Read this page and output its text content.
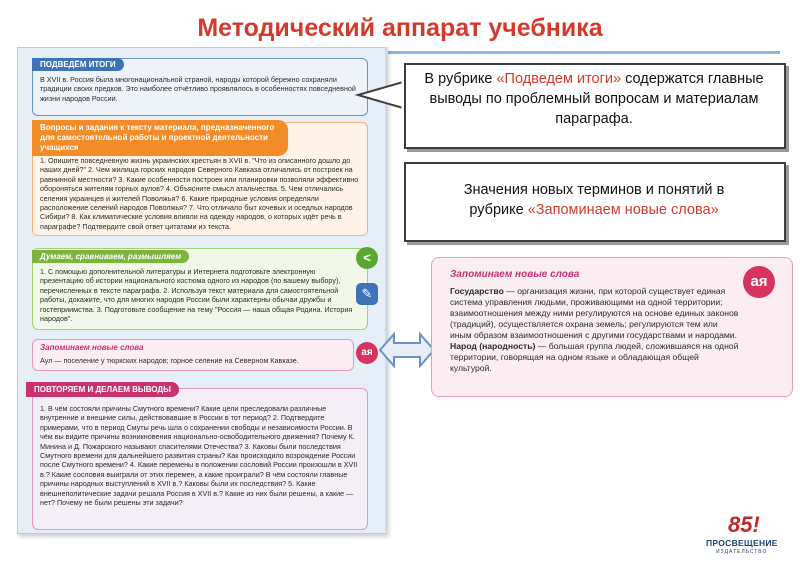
Методический аппарат учебника
ПОДВЕДЁМ ИТОГИ
В XVII в. Россия была многонациональной страной, народы которой бережно сохраняли традиции своих предков. Это наиболее отчётливо проявлялось в особенностях повседневной жизни народов России.
Вопросы и задания к тексту материала, предназначенного для самостоятельной работы и проектной деятельности учащихся
1. Опишите повседневную жизнь украинских крестьян в XVII в. "Что из описанного дошло до наших дней?" 2. Чем жилища горских народов Северного Кавказа отличались от построек на равнинной местности? 3. Какие особенности построек или планировки позволяли эффективно обороняться жителям горных аулов? 4. Объясните смысл атальчества. 5. Чем отличались селения украинцев и жителей Поволжья? 6. Какие природные условия определяли расположение селений народов Поволжья? 7. Что отличало быт кочевых и оседлых народов Сибири? 8. Как климатические условия влияли на одежду народов, о которых идёт речь в параграфе? Подтвердите свой ответ цитатами из текста.
Думаем, сравниваем, размышляем
1. С помощью дополнительной литературы и Интернета подготовьте электронную презентацию об истории национального костюма одного из народов (по вашему выбору), перечисленных в тексте параграфа. 2. Используя текст материала для самостоятельной работы, докажите, что для многих народов России были характерны обычаи дружбы и гостеприимства. 3. Подготовьте сообщение на тему "Россия — наша общая Родина. История народов".
Запоминаем новые слова
Аул — поселение у тюркских народов; горное селение на Северном Кавказе.
ПОВТОРЯЕМ И ДЕЛАЕМ ВЫВОДЫ
1. В чём состояли причины Смутного времени? Какие цели преследовали различные внутренние и внешние силы, действовавшие в России в тот период? 2. Подтвердите примерами, что в период Смуты речь шла о сохранении свободы и независимости России. В чём вы видите причины возникновения национально-освободительного движения? Почему К. Минина и Д. Пожарского называют спасителями Отечества? 3. Каковы были последствия Смутного времени для дальнейшего развития страны? Как происходило возрождение России после Смутного времени? 4. Какие перемены в положении сословий России произошли в XVII в.? Какие сословия выиграли от этих перемен, а какие проиграли? В чём состояли главные причины народных выступлений в XVII в.? Каковы были их последствия? 5. Какие внешнеполитические задачи решала Россия в XVII в.? Какие из них были решены, а какие — нет? Почему не были решены эти задачи?
<
✎
ая
В рубрике «Подведем итоги» содержатся главные выводы по проблемный вопросам и материалам параграфа.
Значения новых терминов и понятий в
рубрике «Запоминаем новые слова»
Запоминаем новые слова	ая
Государство — организация жизни, при которой существует единая система управления людьми, проживающими на одной территории; взаимоотношения между ними регулируются на основе единых законов (традиций), осуществляется охрана земель; регулируются тем или иным образом взаимоотношения с другими государствами и народами.
Народ (народность) — большая группа людей, сложившаяся на одной территории, говорящая на одном языке и обладающая общей культурой.
85!
ПРОСВЕЩЕНИЕ
ИЗДАТЕЛЬСТВО
